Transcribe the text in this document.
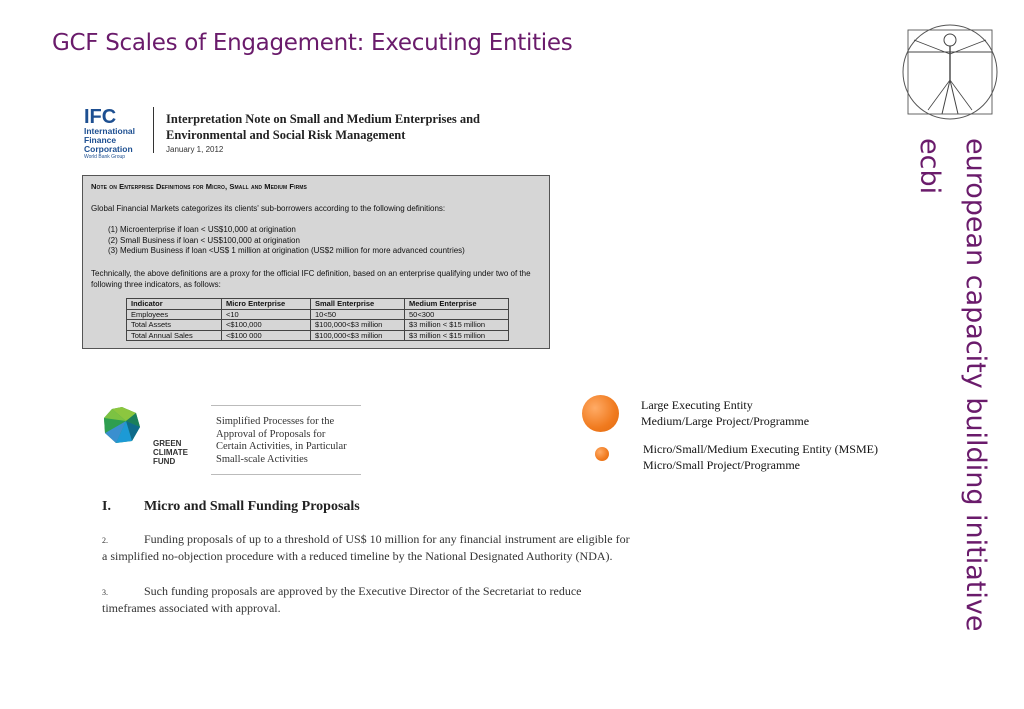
GCF Scales of Engagement: Executing Entities
european capacity building initiative
ecbi
IFC
International
Finance
Corporation
World Bank Group
Interpretation Note on Small and Medium Enterprises and Environmental and Social Risk Management
January 1, 2012
Note on Enterprise Definitions for Micro, Small and Medium Firms
Global Financial Markets categorizes its clients' sub-borrowers according to the following definitions:
(1) Microenterprise if loan < US$10,000 at origination
(2) Small Business if loan < US$100,000 at origination
(3) Medium Business if loan <US$ 1 million at origination (US$2 million for more advanced countries)
Technically, the above definitions are a proxy for the official IFC definition, based on an enterprise qualifying under two of the following three indicators, as follows:
Indicator	Micro Enterprise	Small Enterprise	Medium Enterprise
Employees	<10	10<50	50<300
Total Assets	<$100,000	$100,000<$3 million	$3 million < $15 million
Total Annual Sales	<$100 000	$100,000<$3 million	$3 million < $15 million
GREEN
CLIMATE
FUND
Simplified Processes for the
Approval of Proposals for
Certain Activities, in Particular
Small-scale Activities
I. Micro and Small Funding Proposals
2.	Funding proposals of up to a threshold of US$ 10 million for any financial instrument are eligible for a simplified no-objection procedure with a reduced timeline by the National Designated Authority (NDA).
3.	Such funding proposals are approved by the Executive Director of the Secretariat to reduce timeframes associated with approval.
Large Executing Entity
Medium/Large Project/Programme
Micro/Small/Medium Executing Entity (MSME)
Micro/Small Project/Programme
